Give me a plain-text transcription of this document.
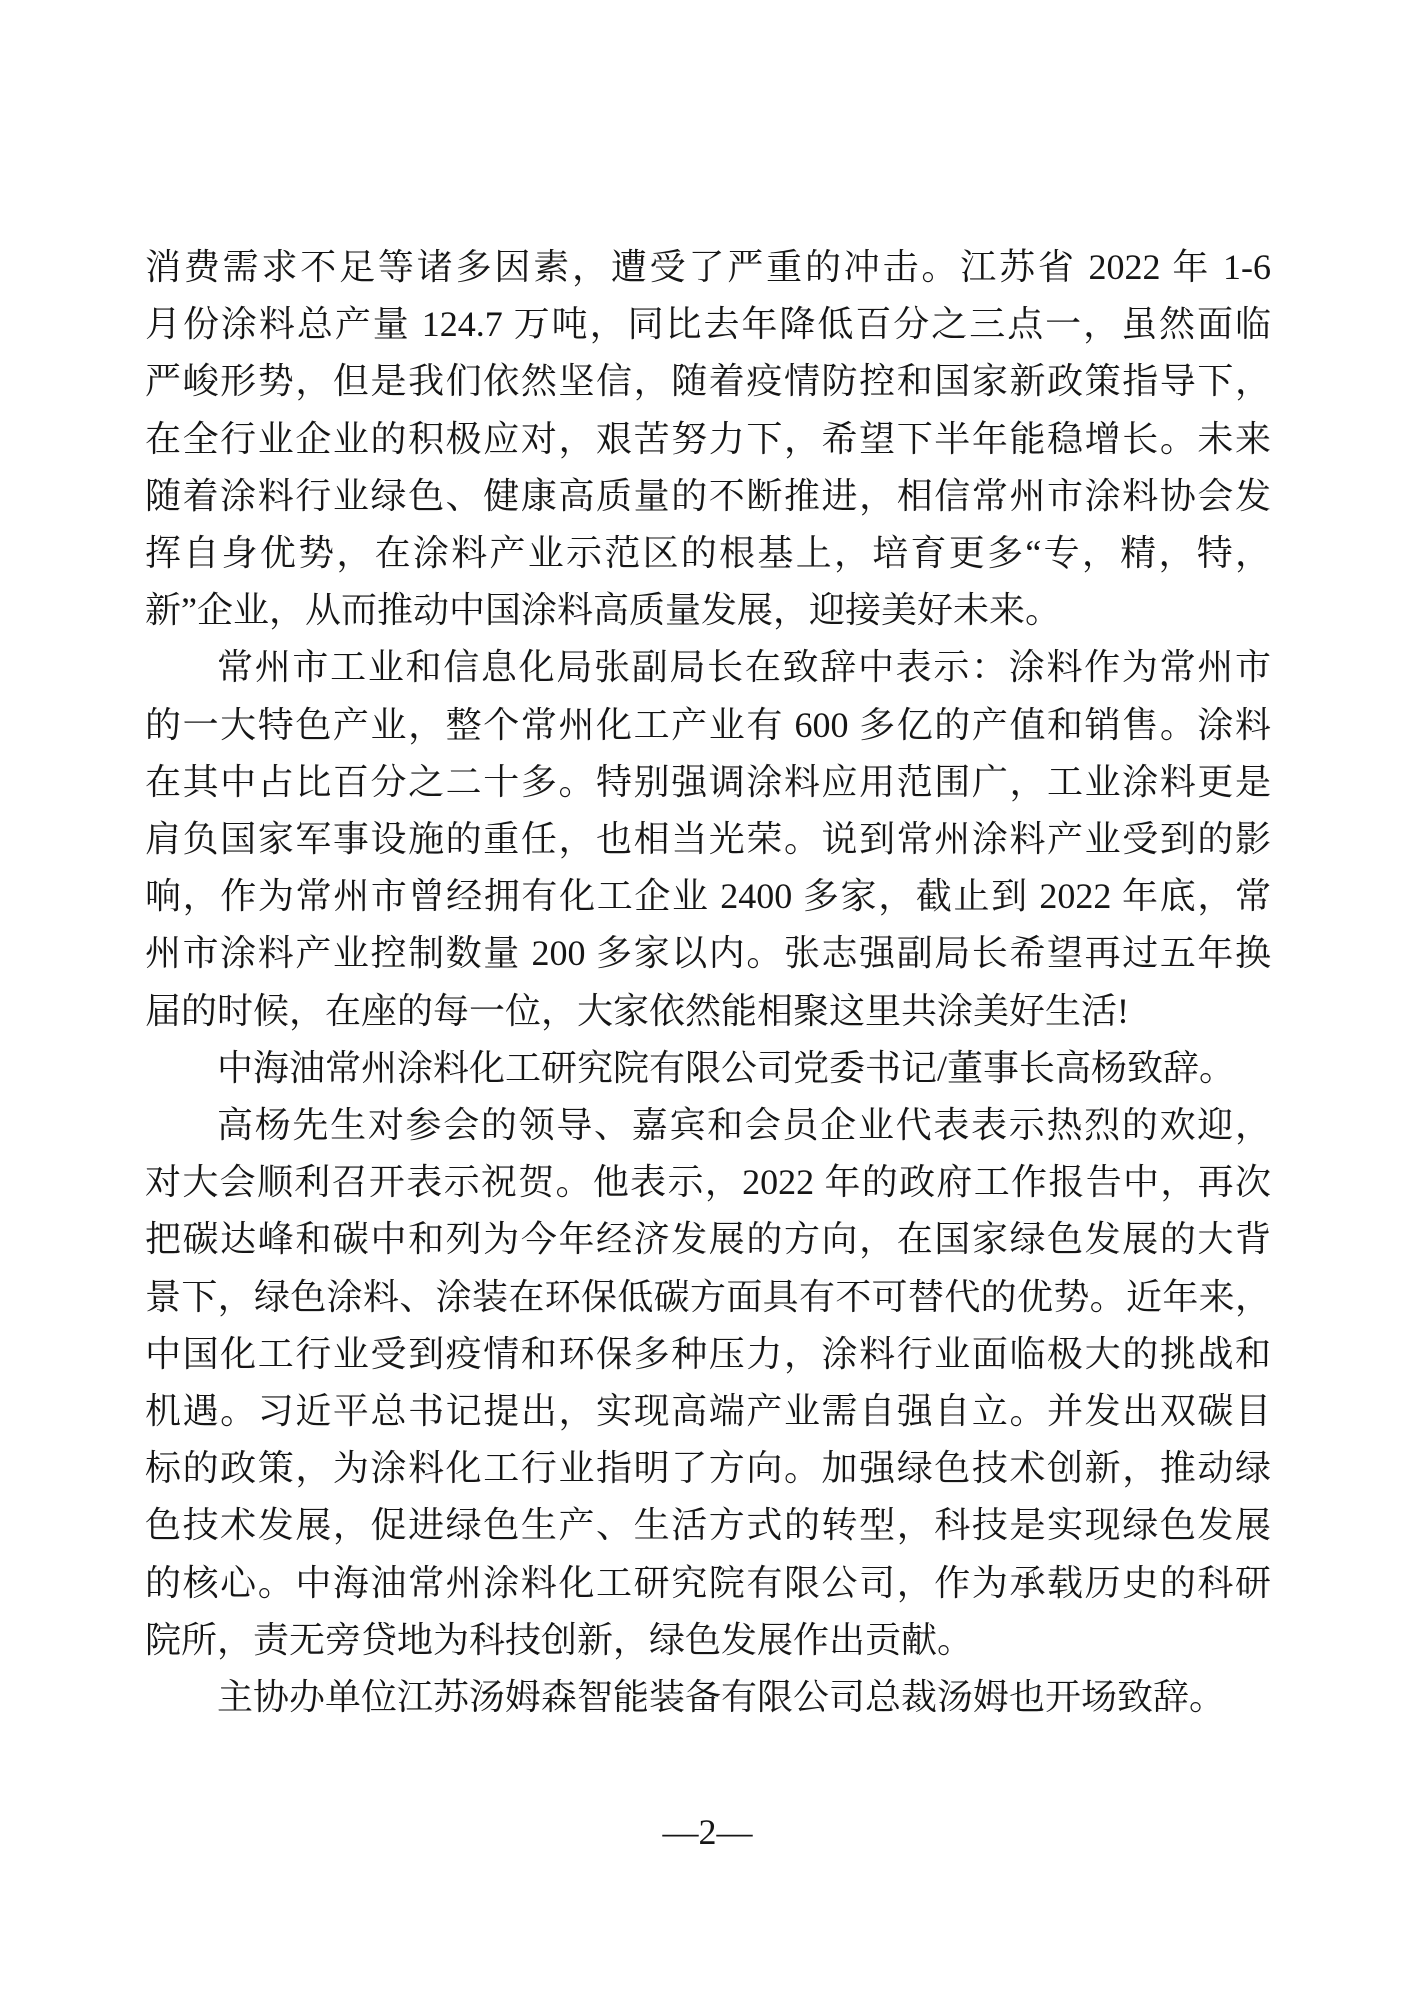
消费需求不足等诸多因素，遭受了严重的冲击。江苏省 2022 年 1-6
月份涂料总产量 124.7 万吨，同比去年降低百分之三点一，虽然面临
严峻形势，但是我们依然坚信，随着疫情防控和国家新政策指导下，
在全行业企业的积极应对，艰苦努力下，希望下半年能稳增长。未来
随着涂料行业绿色、健康高质量的不断推进，相信常州市涂料协会发
挥自身优势，在涂料产业示范区的根基上，培育更多“专，精，特，
新”企业，从而推动中国涂料高质量发展，迎接美好未来。
常州市工业和信息化局张副局长在致辞中表示：涂料作为常州市
的一大特色产业，整个常州化工产业有 600 多亿的产值和销售。涂料
在其中占比百分之二十多。特别强调涂料应用范围广，工业涂料更是
肩负国家军事设施的重任，也相当光荣。说到常州涂料产业受到的影
响，作为常州市曾经拥有化工企业 2400 多家，截止到 2022 年底，常
州市涂料产业控制数量 200 多家以内。张志强副局长希望再过五年换
届的时候，在座的每一位，大家依然能相聚这里共涂美好生活!
中海油常州涂料化工研究院有限公司党委书记/董事长高杨致辞。
高杨先生对参会的领导、嘉宾和会员企业代表表示热烈的欢迎，
对大会顺利召开表示祝贺。他表示，2022 年的政府工作报告中，再次
把碳达峰和碳中和列为今年经济发展的方向，在国家绿色发展的大背
景下，绿色涂料、涂装在环保低碳方面具有不可替代的优势。近年来，
中国化工行业受到疫情和环保多种压力，涂料行业面临极大的挑战和
机遇。习近平总书记提出，实现高端产业需自强自立。并发出双碳目
标的政策，为涂料化工行业指明了方向。加强绿色技术创新，推动绿
色技术发展，促进绿色生产、生活方式的转型，科技是实现绿色发展
的核心。中海油常州涂料化工研究院有限公司，作为承载历史的科研
院所，责无旁贷地为科技创新，绿色发展作出贡献。
主协办单位江苏汤姆森智能装备有限公司总裁汤姆也开场致辞。
—2—
